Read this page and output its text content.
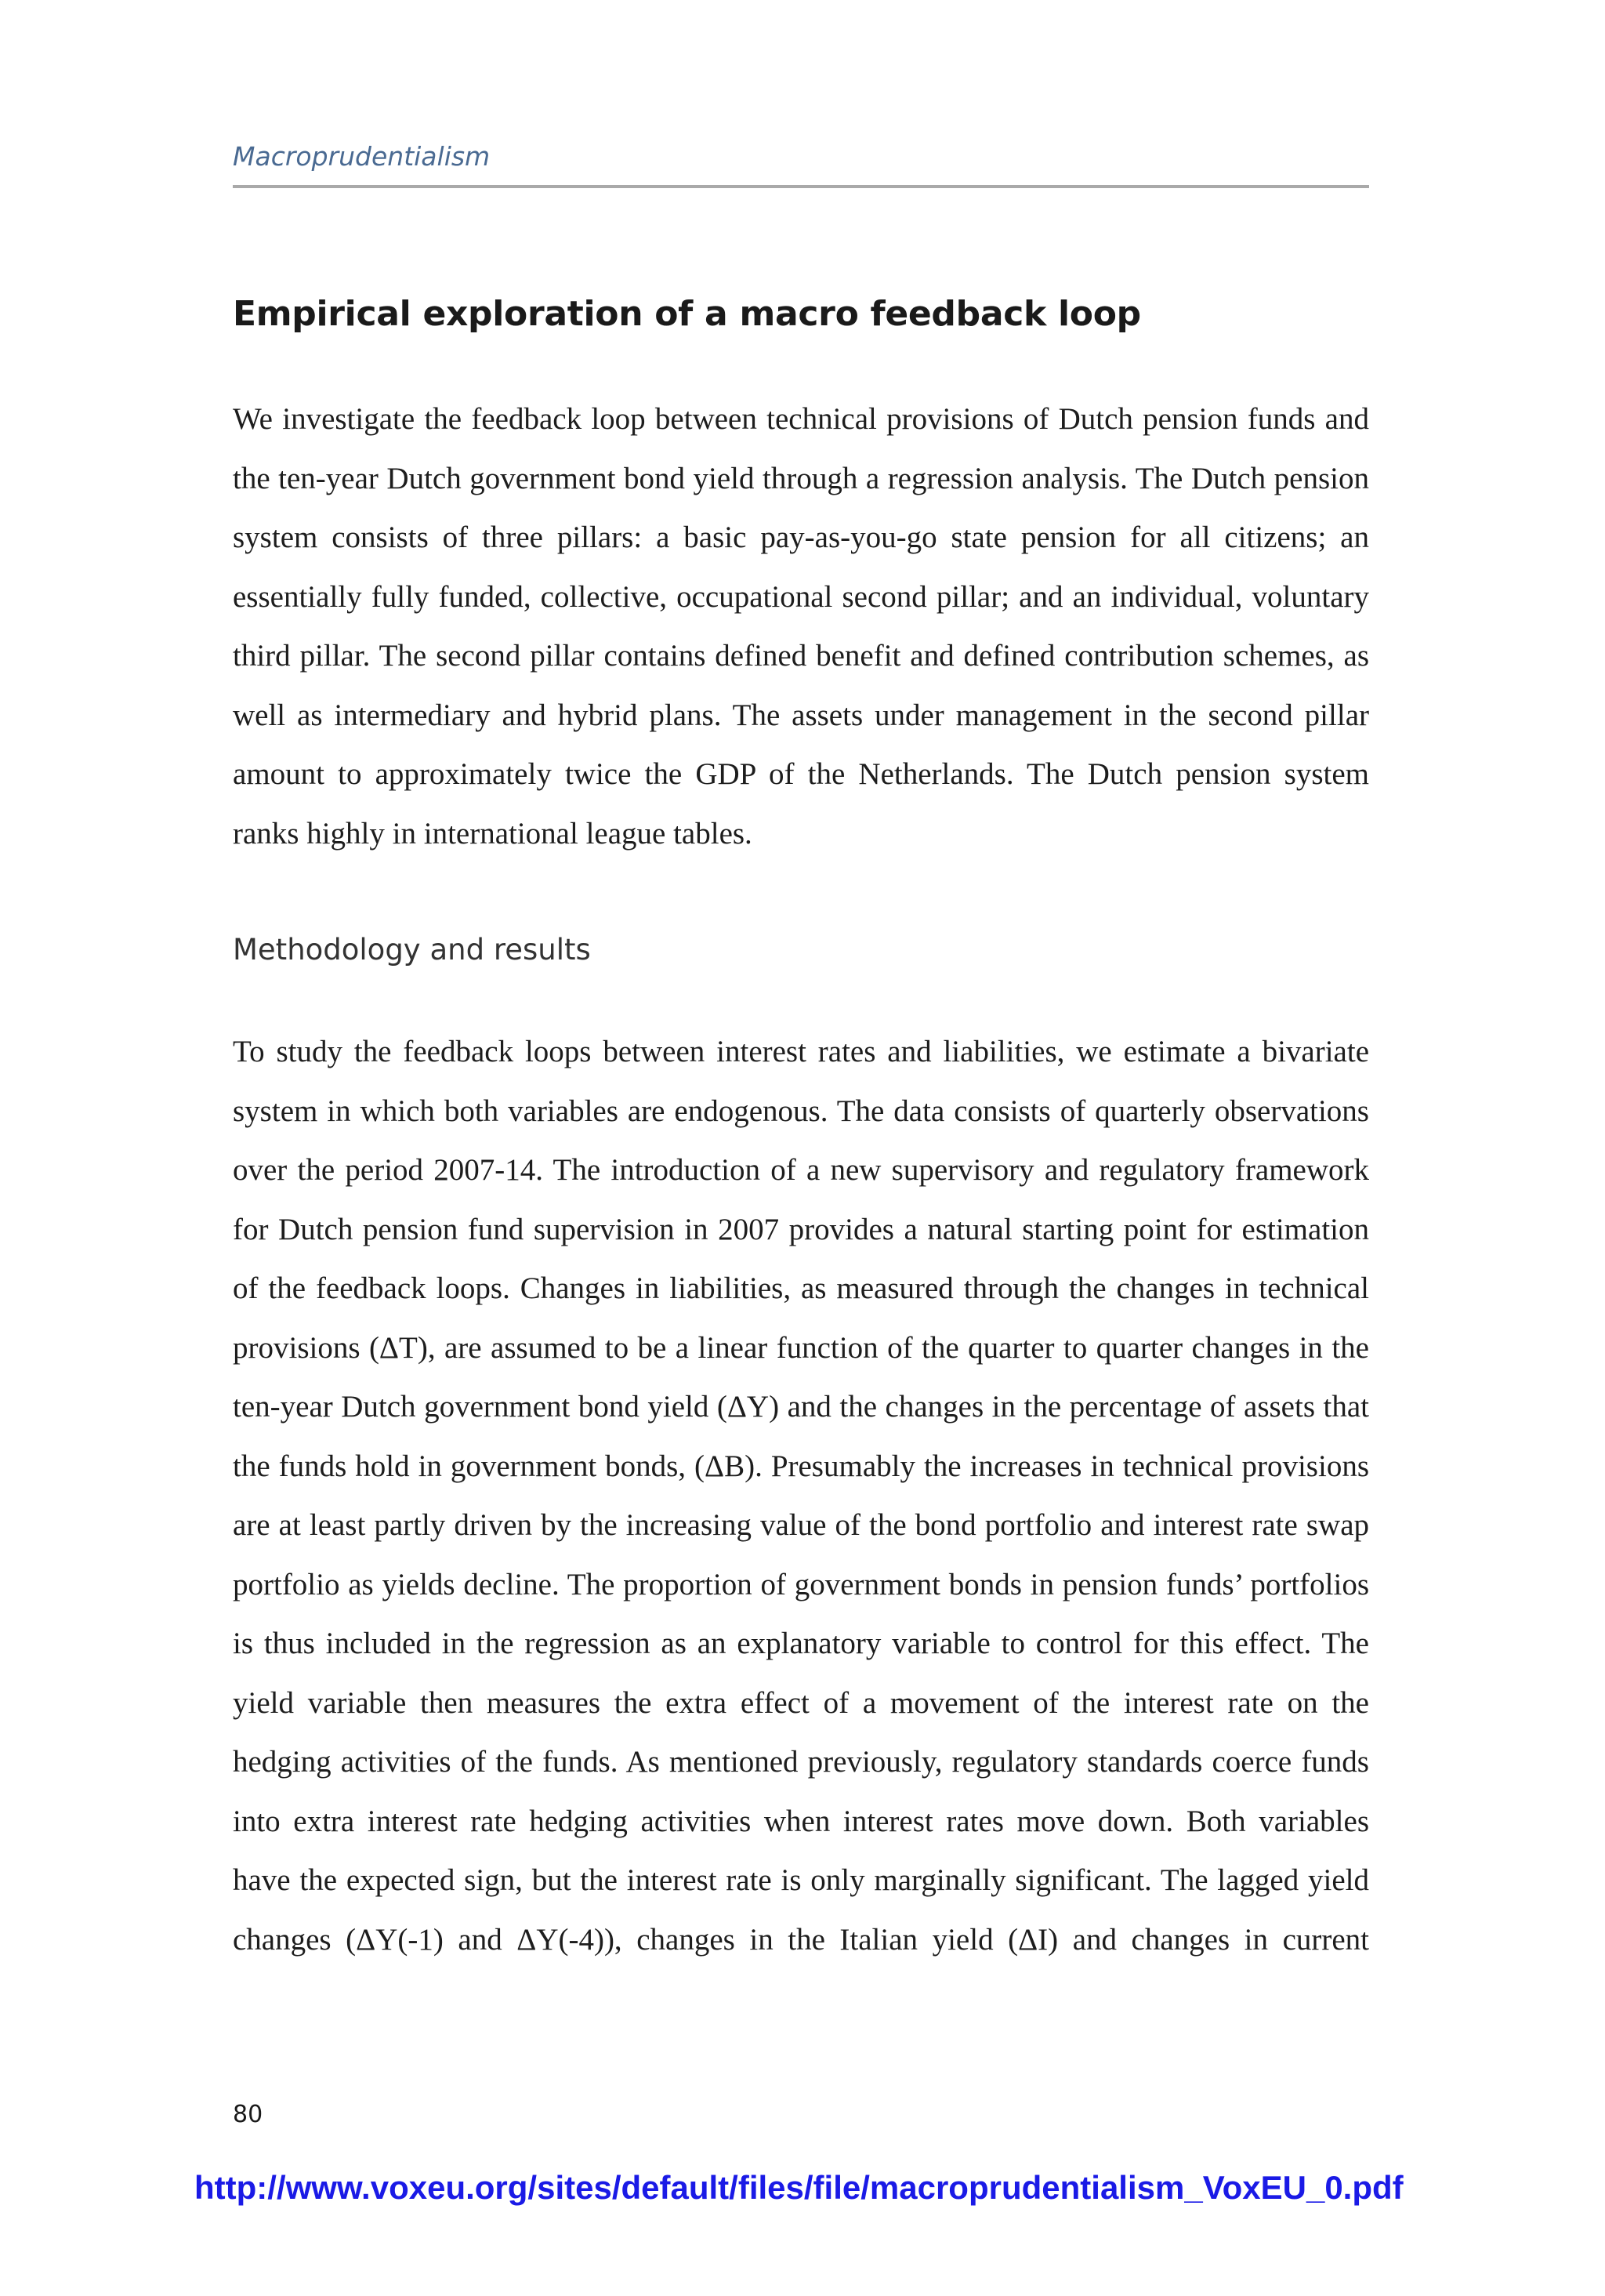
Macroprudentialism
Empirical exploration of a macro feedback loop

We investigate the feedback loop between technical provisions of Dutch pension funds and the ten-year Dutch government bond yield through a regression analysis. The Dutch pension system consists of three pillars: a basic pay-as-you-go state pension for all citizens; an essentially fully funded, collective, occupational second pillar; and an individual, voluntary third pillar. The second pillar contains defined benefit and defined contribution schemes, as well as intermediary and hybrid plans. The assets under management in the second pillar amount to approximately twice the GDP of the Netherlands. The Dutch pension system ranks highly in international league tables.

Methodology and results

To study the feedback loops between interest rates and liabilities, we estimate a bivariate system in which both variables are endogenous. The data consists of quarterly observations over the period 2007-14. The introduction of a new supervisory and regulatory framework for Dutch pension fund supervision in 2007 provides a natural starting point for estimation of the feedback loops. Changes in liabilities, as measured through the changes in technical provisions (ΔT), are assumed to be a linear function of the quarter to quarter changes in the ten-year Dutch government bond yield (ΔY) and the changes in the percentage of assets that the funds hold in government bonds, (ΔB). Presumably the increases in technical provisions are at least partly driven by the increasing value of the bond portfolio and interest rate swap portfolio as yields decline. The proportion of government bonds in pension funds’ portfolios is thus included in the regression as an explanatory variable to control for this effect. The yield variable then measures the extra effect of a movement of the interest rate on the hedging activities of the funds. As mentioned previously, regulatory standards coerce funds into extra interest rate hedging activities when interest rates move down. Both variables have the expected sign, but the interest rate is only marginally significant. The lagged yield changes (ΔY(-1) and ΔY(-4)), changes in the Italian yield (ΔI) and changes in current

80
http://www.voxeu.org/sites/default/files/file/macroprudentialism_VoxEU_0.pdf
